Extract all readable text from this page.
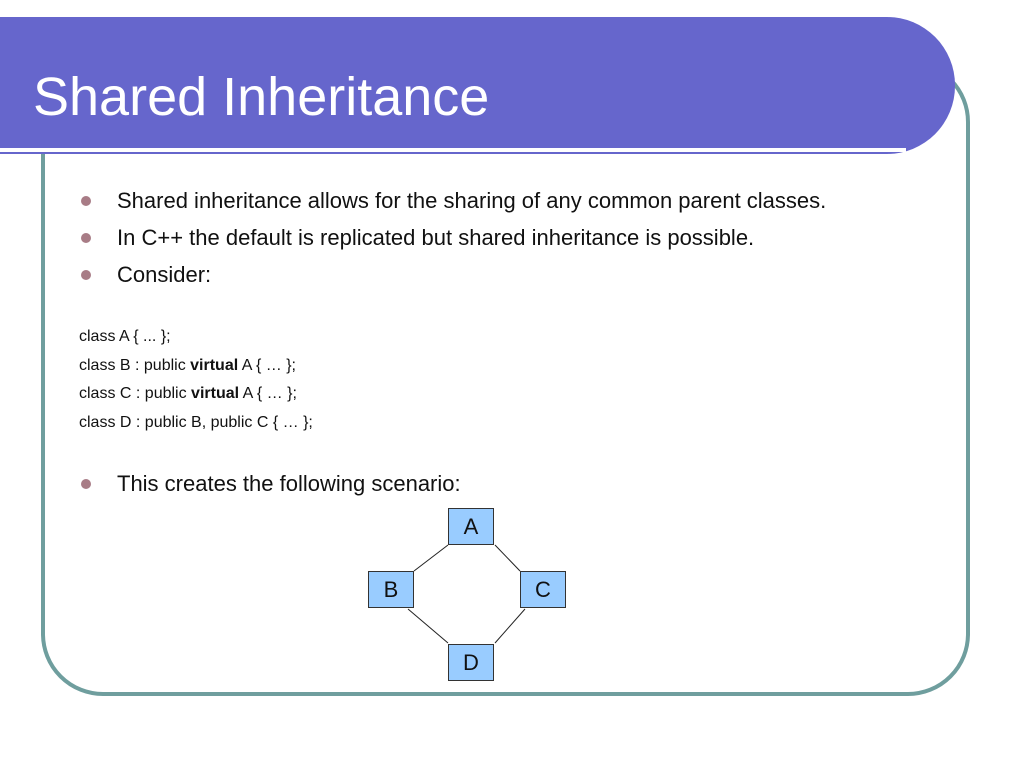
Shared Inheritance
Shared inheritance allows for the sharing of any common parent classes.
In C++ the default is replicated but shared inheritance is possible.
Consider:
class A { ... };
class B : public virtual A { … };
class C : public virtual A { … };
class D : public B, public C { … };
This creates the following scenario:
A
B	C
D
